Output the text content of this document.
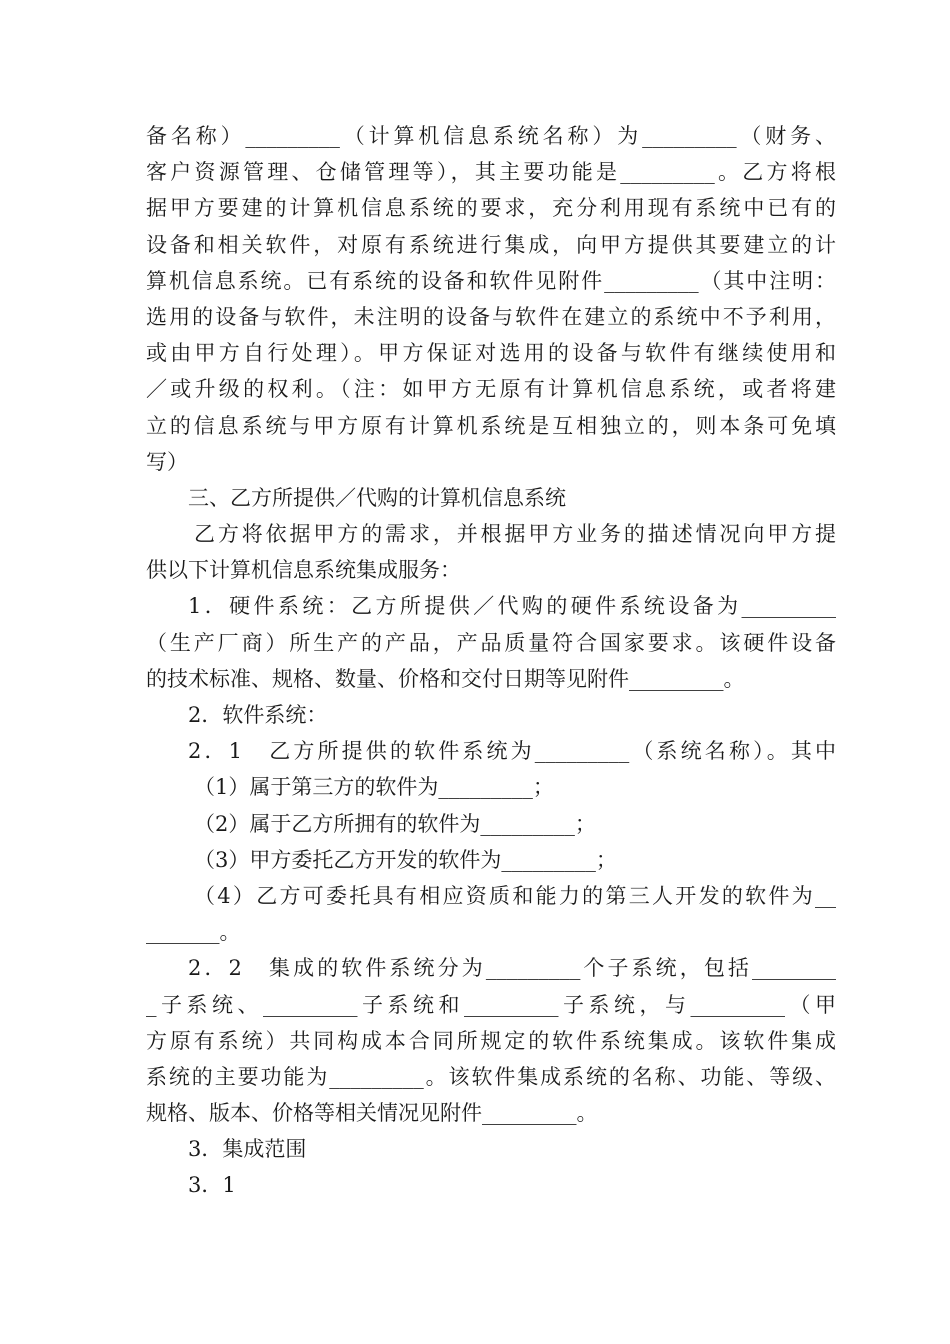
备名称）_________（计算机信息系统名称）为_________（财务、
客户资源管理、仓储管理等），其主要功能是_________。乙方将根
据甲方要建的计算机信息系统的要求，充分利用现有系统中已有的
设备和相关软件，对原有系统进行集成，向甲方提供其要建立的计
算机信息系统。已有系统的设备和软件见附件_________（其中注明：
选用的设备与软件，未注明的设备与软件在建立的系统中不予利用，
或由甲方自行处理）。甲方保证对选用的设备与软件有继续使用和
／或升级的权利。（注：如甲方无原有计算机信息系统，或者将建
立的信息系统与甲方原有计算机系统是互相独立的，则本条可免填
写）
三、乙方所提供／代购的计算机信息系统
乙方将依据甲方的需求，并根据甲方业务的描述情况向甲方提
供以下计算机信息系统集成服务：
1．硬件系统：乙方所提供／代购的硬件系统设备为_________
（生产厂商）所生产的产品，产品质量符合国家要求。该硬件设备
的技术标准、规格、数量、价格和交付日期等见附件_________。
2．软件系统：
2．1　乙方所提供的软件系统为_________（系统名称）。其中
（1）属于第三方的软件为_________；
（2）属于乙方所拥有的软件为_________；
（3）甲方委托乙方开发的软件为_________；
（4）乙方可委托具有相应资质和能力的第三人开发的软件为__
_______。
2．2　集成的软件系统分为_________个子系统，包括________
_子系统、_________子系统和_________子系统，与_________（甲
方原有系统）共同构成本合同所规定的软件系统集成。该软件集成
系统的主要功能为_________。该软件集成系统的名称、功能、等级、
规格、版本、价格等相关情况见附件_________。
3．集成范围
3．1
